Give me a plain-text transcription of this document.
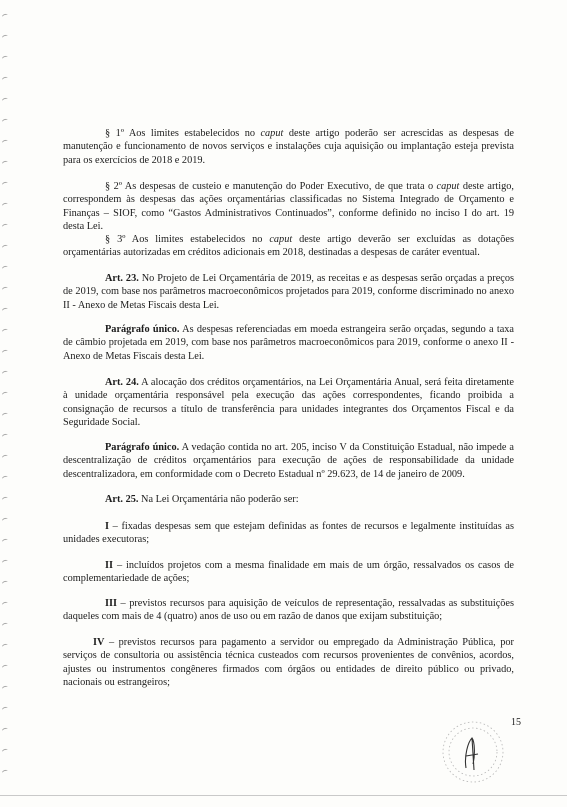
§ 1º Aos limites estabelecidos no caput deste artigo poderão ser acrescidas as despesas de manutenção e funcionamento de novos serviços e instalações cuja aquisição ou implantação esteja prevista para os exercícios de 2018 e 2019.

§ 2º As despesas de custeio e manutenção do Poder Executivo, de que trata o caput deste artigo, correspondem às despesas das ações orçamentárias classificadas no Sistema Integrado de Orçamento e Finanças – SIOF, como “Gastos Administrativos Continuados”, conforme definido no inciso I do art. 19 desta Lei.

§ 3º Aos limites estabelecidos no caput deste artigo deverão ser excluídas as dotações orçamentárias autorizadas em créditos adicionais em 2018, destinadas a despesas de caráter eventual.

Art. 23. No Projeto de Lei Orçamentária de 2019, as receitas e as despesas serão orçadas a preços de 2019, com base nos parâmetros macroeconômicos projetados para 2019, conforme discriminado no anexo II - Anexo de Metas Fiscais desta Lei.

Parágrafo único. As despesas referenciadas em moeda estrangeira serão orçadas, segundo a taxa de câmbio projetada em 2019, com base nos parâmetros macroeconômicos para 2019, conforme o anexo II - Anexo de Metas Fiscais desta Lei.

Art. 24. A alocação dos créditos orçamentários, na Lei Orçamentária Anual, será feita diretamente à unidade orçamentária responsável pela execução das ações correspondentes, ficando proibida a consignação de recursos a título de transferência para unidades integrantes dos Orçamentos Fiscal e da Seguridade Social.

Parágrafo único. A vedação contida no art. 205, inciso V da Constituição Estadual, não impede a descentralização de créditos orçamentários para execução de ações de responsabilidade da unidade descentralizadora, em conformidade com o Decreto Estadual nº 29.623, de 14 de janeiro de 2009.

Art. 25. Na Lei Orçamentária não poderão ser:

I – fixadas despesas sem que estejam definidas as fontes de recursos e legalmente instituídas as unidades executoras;

II – incluídos projetos com a mesma finalidade em mais de um órgão, ressalvados os casos de complementariedade de ações;

III – previstos recursos para aquisição de veículos de representação, ressalvadas as substituições daqueles com mais de 4 (quatro) anos de uso ou em razão de danos que exijam substituição;

IV – previstos recursos para pagamento a servidor ou empregado da Administração Pública, por serviços de consultoria ou assistência técnica custeados com recursos provenientes de convênios, acordos, ajustes ou instrumentos congêneres firmados com órgãos ou entidades de direito público ou privado, nacionais ou estrangeiros;

15
